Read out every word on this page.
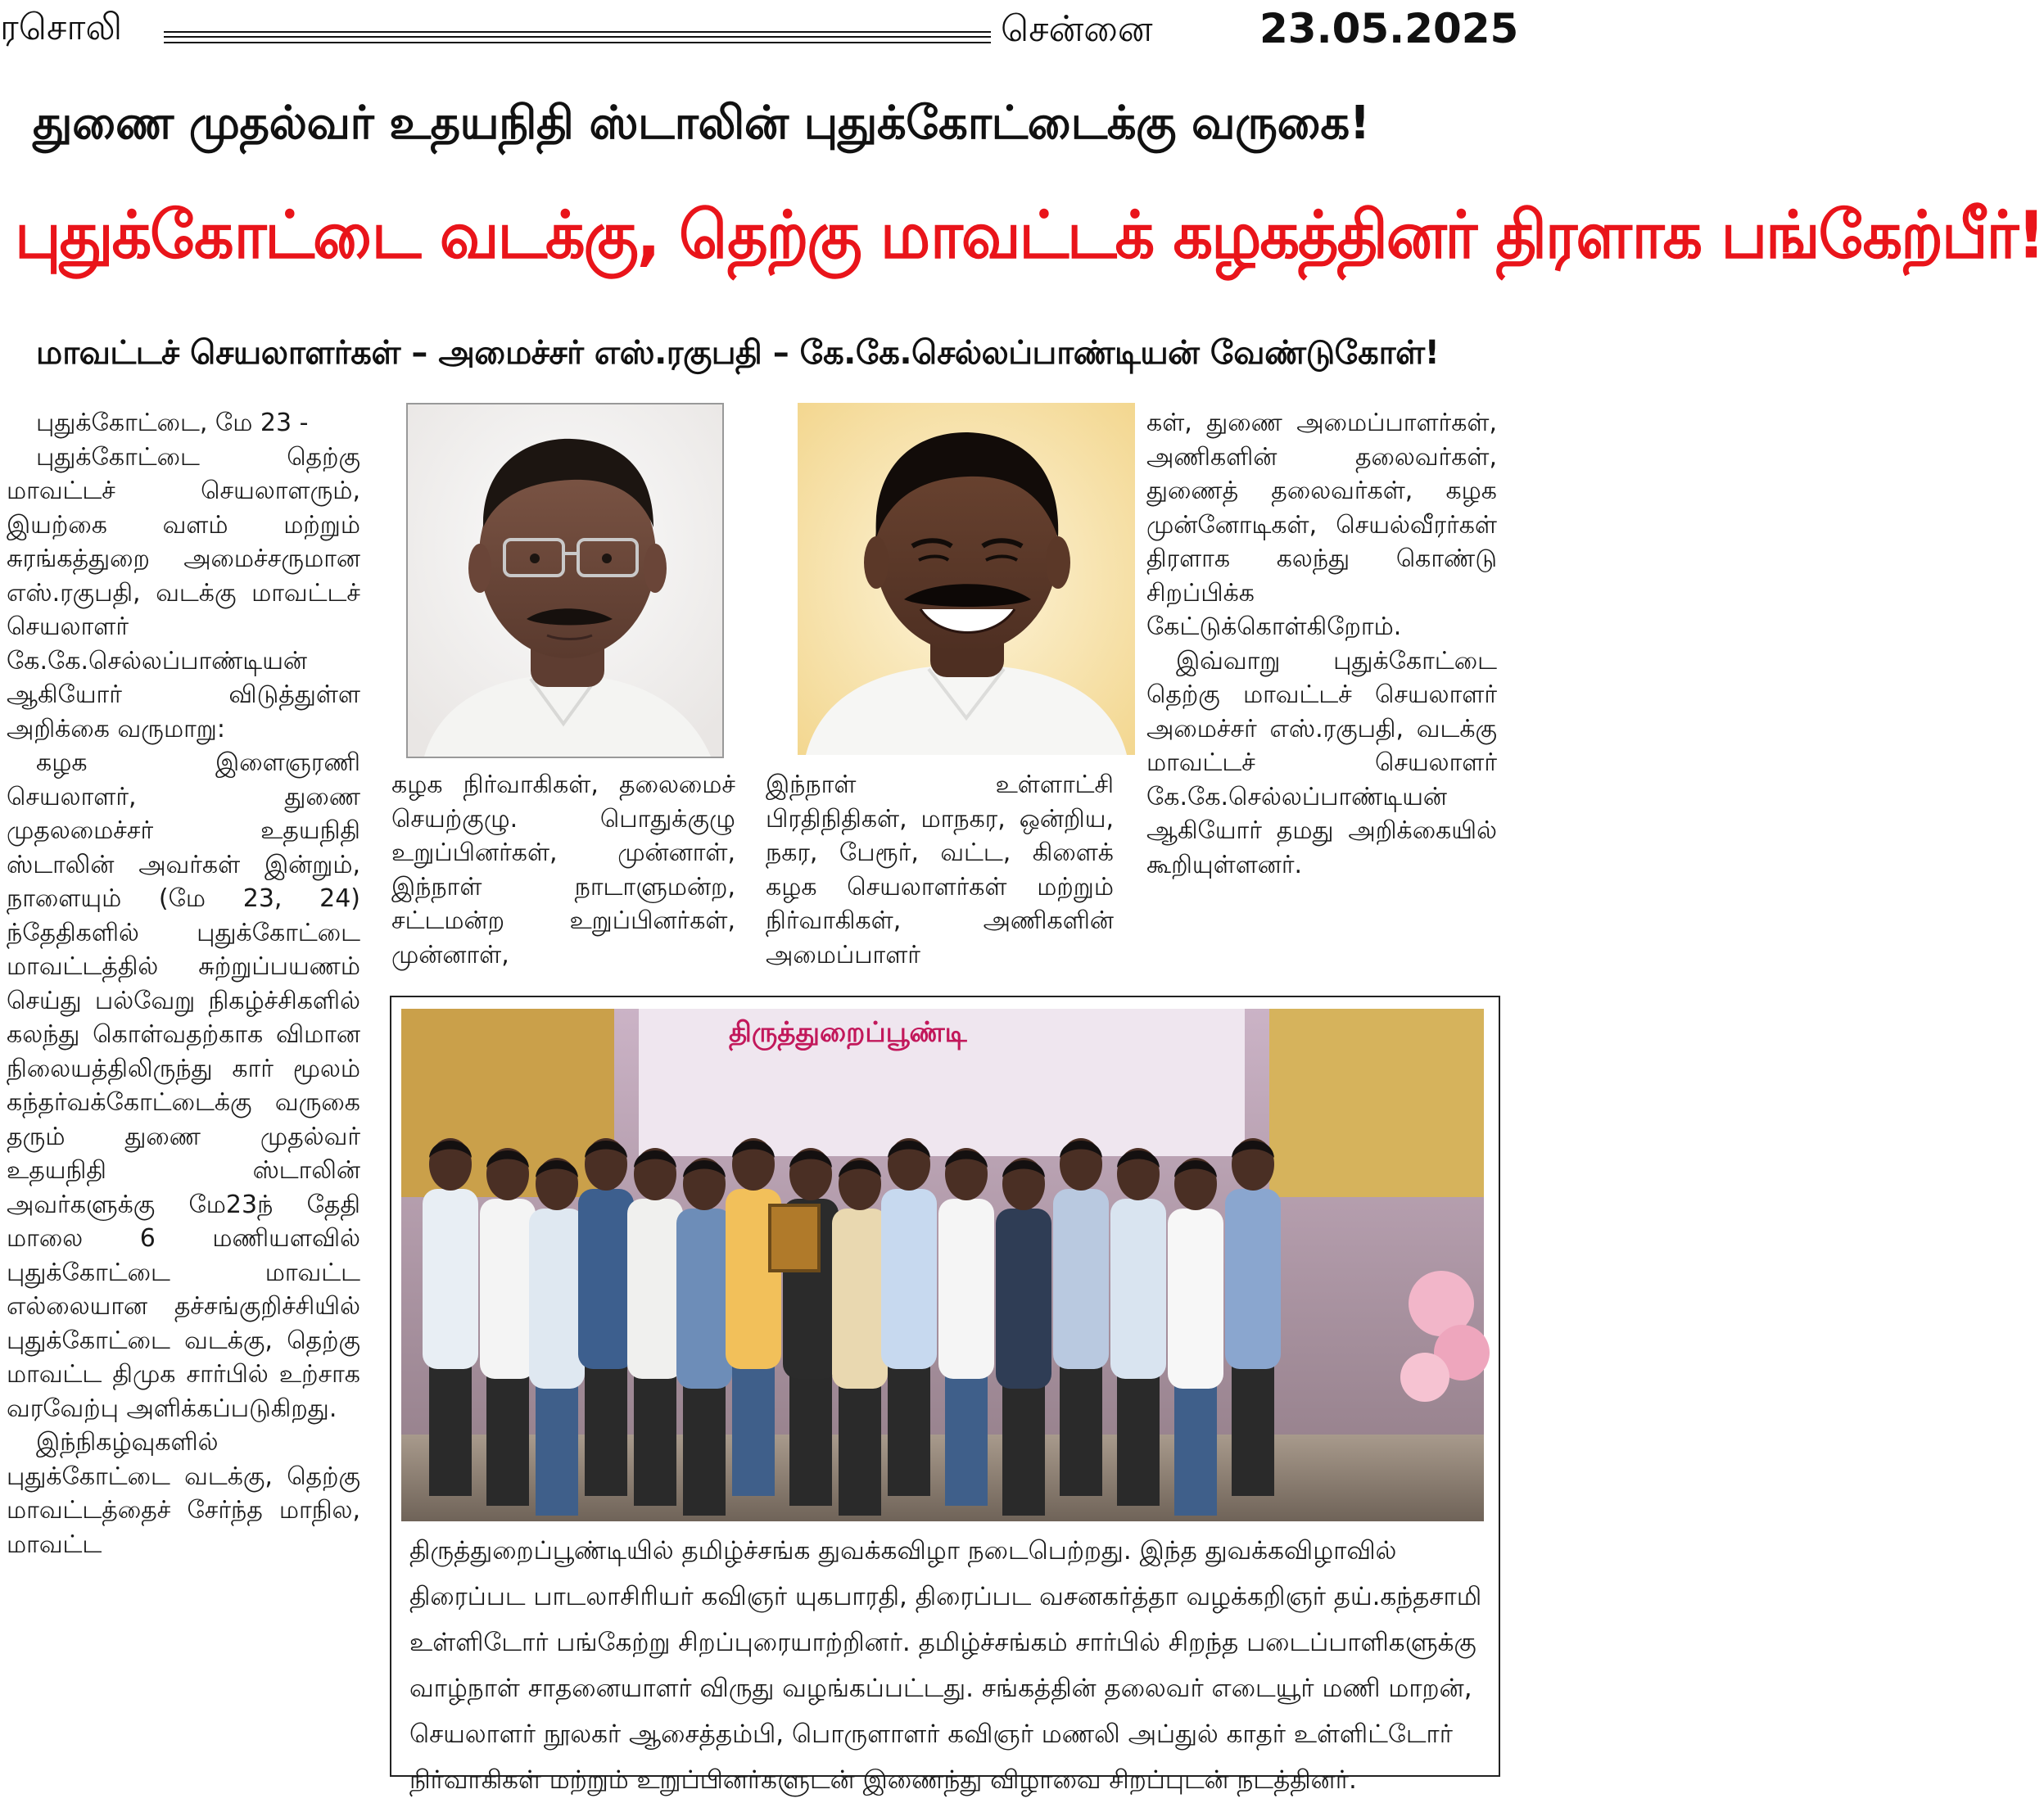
ரசொலி	சென்னை	23.05.2025
துணை முதல்வர் உதயநிதி ஸ்டாலின் புதுக்கோட்டைக்கு வருகை!
புதுக்கோட்டை வடக்கு, தெற்கு மாவட்டக் கழகத்தினர் திரளாக பங்கேற்பீர்!
மாவட்டச் செயலாளர்கள் – அமைச்சர் எஸ்.ரகுபதி – கே.கே.செல்லப்பாண்டியன் வேண்டுகோள்!

புதுக்கோட்டை, மே 23 -

புதுக்கோட்டை தெற்கு மாவட்டச் செயலாளரும், இயற்கை வளம் மற்றும் சுரங்கத்துறை அமைச்சருமான எஸ்.ரகுபதி, வடக்கு மாவட்டச் செயலாளர் கே.கே.செல்லப்பாண்டியன் ஆகியோர் விடுத்துள்ள அறிக்கை வருமாறு:

கழக இளைஞரணி செயலாளர், துணை முதலமைச்சர் உதயநிதி ஸ்டாலின் அவர்கள் இன்றும், நாளையும் (மே 23, 24) ந்தேதிகளில் புதுக்கோட்டை மாவட்டத்தில் சுற்றுப்பயணம் செய்து பல்வேறு நிகழ்ச்சிகளில் கலந்து கொள்வதற்காக விமான நிலையத்திலிருந்து கார் மூலம் கந்தர்வக்கோட்டைக்கு வருகை தரும் துணை முதல்வர் உதயநிதி ஸ்டாலின் அவர்களுக்கு மே23ந் தேதி மாலை 6 மணியளவில் புதுக்கோட்டை மாவட்ட எல்லையான தச்சங்குறிச்சியில் புதுக்கோட்டை வடக்கு, தெற்கு மாவட்ட திமுக சார்பில் உற்சாக வரவேற்பு அளிக்கப்படுகிறது.

இந்நிகழ்வுகளில் புதுக்கோட்டை வடக்கு, தெற்கு மாவட்டத்தைச் சேர்ந்த மாநில, மாவட்ட

கழக நிர்வாகிகள், தலைமைச் செயற்குழு. பொதுக்குழு உறுப்பினர்கள், முன்னாள், இந்நாள் நாடாளுமன்ற, சட்டமன்ற உறுப்பினர்கள், முன்னாள்,

இந்நாள் உள்ளாட்சி பிரதிநிதிகள், மாநகர, ஒன்றிய, நகர, பேரூர், வட்ட, கிளைக் கழக செயலாளர்கள் மற்றும் நிர்வாகிகள், அணிகளின் அமைப்பாளர்

கள், துணை அமைப்பாளர்கள், அணிகளின் தலைவர்கள், துணைத் தலைவர்கள், கழக முன்னோடிகள், செயல்வீரர்கள் திரளாக கலந்து கொண்டு சிறப்பிக்க கேட்டுக்கொள்கிறோம்.

இவ்வாறு புதுக்கோட்டை தெற்கு மாவட்டச் செயலாளர் அமைச்சர் எஸ்.ரகுபதி, வடக்கு மாவட்டச் செயலாளர் கே.கே.செல்லப்பாண்டியன் ஆகியோர் தமது அறிக்கையில் கூறியுள்ளனர்.

திருத்துறைப்பூண்டி

திருத்துறைப்பூண்டியில் தமிழ்ச்சங்க துவக்கவிழா நடைபெற்றது. இந்த துவக்கவிழாவில்

திரைப்பட பாடலாசிரியர் கவிஞர் யுகபாரதி, திரைப்பட வசனகர்த்தா வழக்கறிஞர் தய்.கந்தசாமி

உள்ளிடோர் பங்கேற்று சிறப்புரையாற்றினர். தமிழ்ச்சங்கம் சார்பில் சிறந்த படைப்பாளிகளுக்கு

வாழ்நாள் சாதனையாளர் விருது வழங்கப்பட்டது. சங்கத்தின் தலைவர் எடையூர் மணி மாறன்,

செயலாளர் நூலகர் ஆசைத்தம்பி, பொருளாளர் கவிஞர் மணலி அப்துல் காதர் உள்ளிட்டோர்

நிர்வாகிகள் மற்றும் உறுப்பினர்களுடன் இணைந்து விழாவை சிறப்புடன் நடத்தினர்.
